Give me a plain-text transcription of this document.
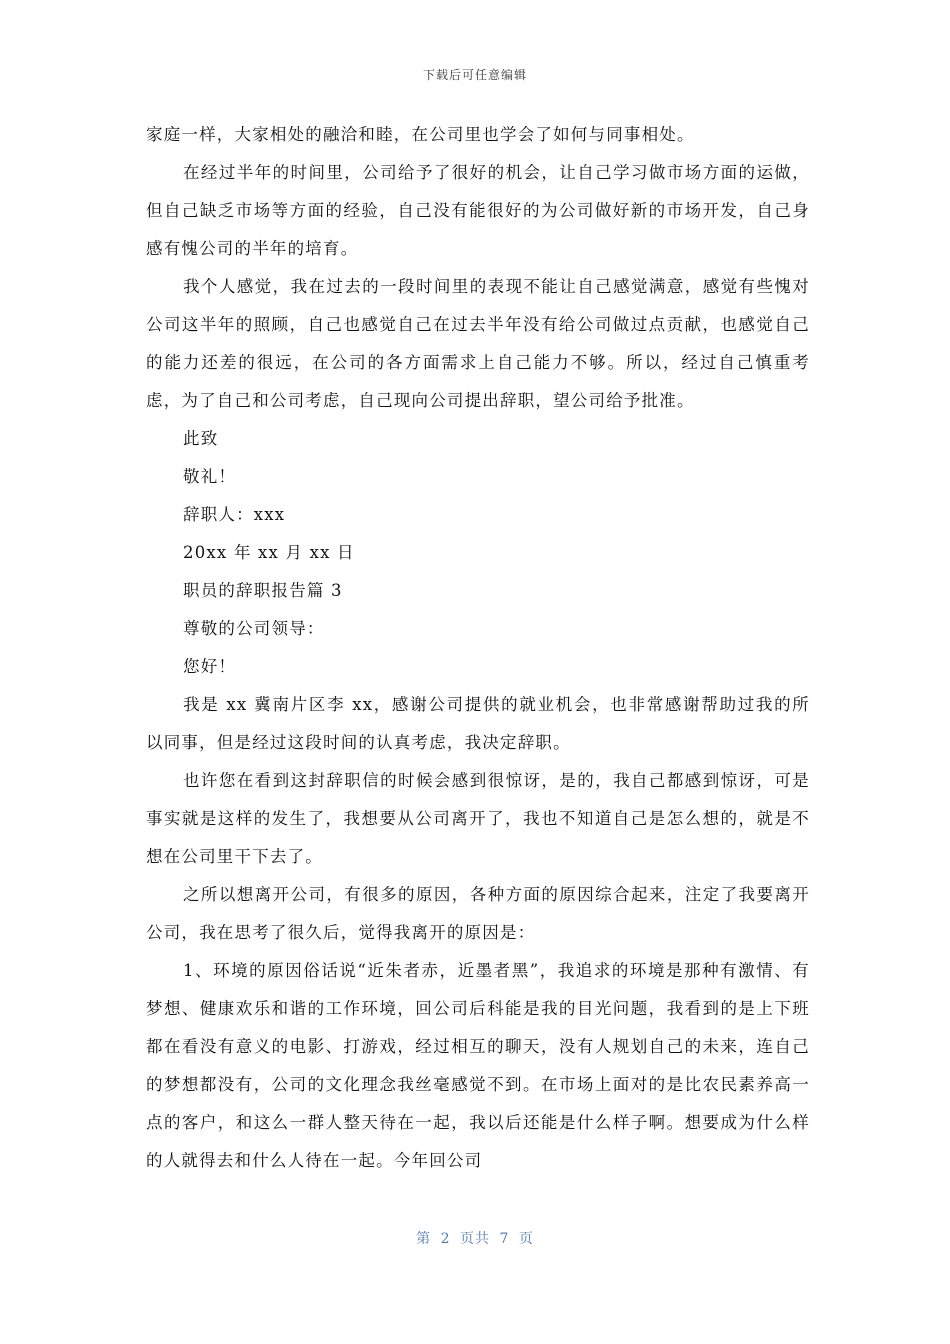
下载后可任意编辑

家庭一样，大家相处的融洽和睦，在公司里也学会了如何与同事相处。

在经过半年的时间里，公司给予了很好的机会，让自己学习做市场方面的运做，但自己缺乏市场等方面的经验，自己没有能很好的为公司做好新的市场开发，自己身感有愧公司的半年的培育。

我个人感觉，我在过去的一段时间里的表现不能让自己感觉满意，感觉有些愧对公司这半年的照顾，自己也感觉自己在过去半年没有给公司做过点贡献，也感觉自己的能力还差的很远，在公司的各方面需求上自己能力不够。所以，经过自己慎重考虑，为了自己和公司考虑，自己现向公司提出辞职，望公司给予批准。

此致

敬礼！

辞职人：xxx

20xx 年 xx 月 xx 日

职员的辞职报告篇 3

尊敬的公司领导：

您好！

我是 xx 冀南片区李 xx，感谢公司提供的就业机会，也非常感谢帮助过我的所以同事，但是经过这段时间的认真考虑，我决定辞职。

也许您在看到这封辞职信的时候会感到很惊讶，是的，我自己都感到惊讶，可是事实就是这样的发生了，我想要从公司离开了，我也不知道自己是怎么想的，就是不想在公司里干下去了。

之所以想离开公司，有很多的原因，各种方面的原因综合起来，注定了我要离开公司，我在思考了很久后，觉得我离开的原因是：

1、环境的原因俗话说“近朱者赤，近墨者黑”，我追求的环境是那种有激情、有梦想、健康欢乐和谐的工作环境，回公司后科能是我的目光问题，我看到的是上下班都在看没有意义的电影、打游戏，经过相互的聊天，没有人规划自己的未来，连自己的梦想都没有，公司的文化理念我丝毫感觉不到。在市场上面对的是比农民素养高一点的客户，和这么一群人整天待在一起，我以后还能是什么样子啊。想要成为什么样的人就得去和什么人待在一起。今年回公司

第 2 页共 7 页
